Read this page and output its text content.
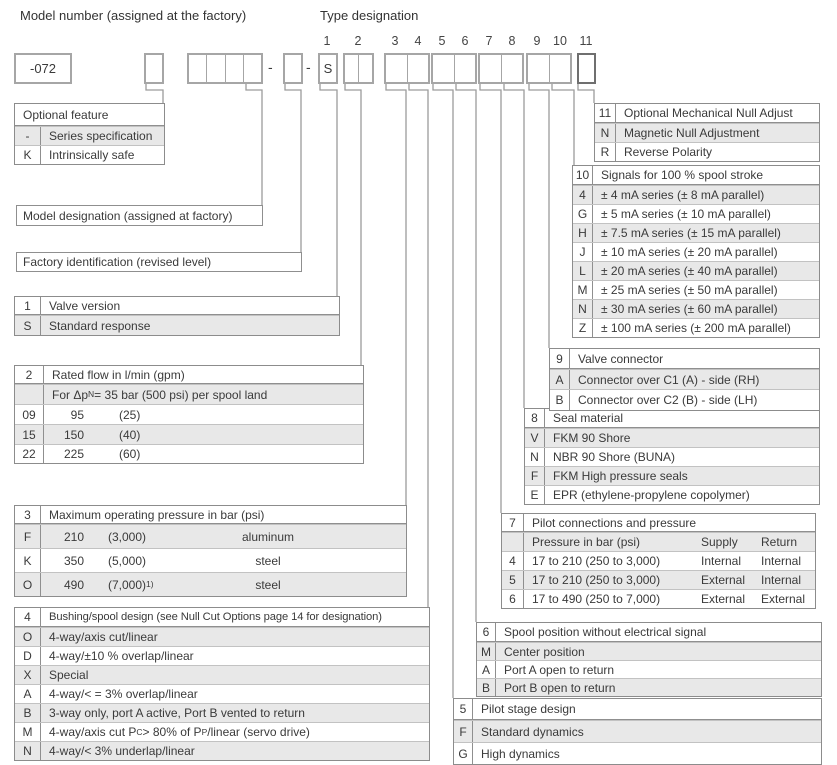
Model number (assigned at the factory)	Type designation
1 2 3 4 5 6 7 8 9 10 11
-072	- - S
Model designation (assigned at factory)
Factory identification (revised level)
Optional feature
-	Series specification
K	Intrinsically safe
1	Valve version
S	Standard response
2	Rated flow in l/min (gpm)
For Δp N = 35 bar (500 psi) per spool land
09	95	(25)
15	150	(40)
22	225	(60)
3	Maximum operating pressure in bar (psi)
F	210 (3,000)	aluminum
K	350 (5,000)	steel
O	490 (7,000) 1)	steel
4	Bushing/spool design (see Null Cut Options page 14 for designation)
O	4-way/axis cut/linear
D	4-way/±10 % overlap/linear
X	Special
A	4-way/< = 3% overlap/linear
B	3-way only, port A active, Port B vented to return
M	4-way/axis cut P C > 80% of P P /linear (servo drive)
N	4-way/< 3% underlap/linear
5	Pilot stage design
F	Standard dynamics
G	High dynamics
6	Spool position without electrical signal
M	Center position
A	Port A open to return
B	Port B open to return
7	Pilot connections and pressure
Pressure in bar (psi)	Supply Return
4	17 to 210 (250 to 3,000)	Internal Internal
5	17 to 210 (250 to 3,000)	External Internal
6	17 to 490 (250 to 7,000)	External External
8	Seal material
V	FKM 90 Shore
N	NBR 90 Shore (BUNA)
F	FKM High pressure seals
E	EPR (ethylene-propylene copolymer)
9	Valve connector
A	Connector over C1 (A) - side (RH)
B	Connector over C2 (B) - side (LH)
10 Signals for 100 % spool stroke
4	± 4 mA series (± 8 mA parallel)
G	± 5 mA series (± 10 mA parallel)
H	± 7.5 mA series (± 15 mA parallel)
J	± 10 mA series (± 20 mA parallel)
L	± 20 mA series (± 40 mA parallel)
M	± 25 mA series (± 50 mA parallel)
N	± 30 mA series (± 60 mA parallel)
Z	± 100 mA series (± 200 mA parallel)
11	Optional Mechanical Null Adjust
N	Magnetic Null Adjustment
R	Reverse Polarity
